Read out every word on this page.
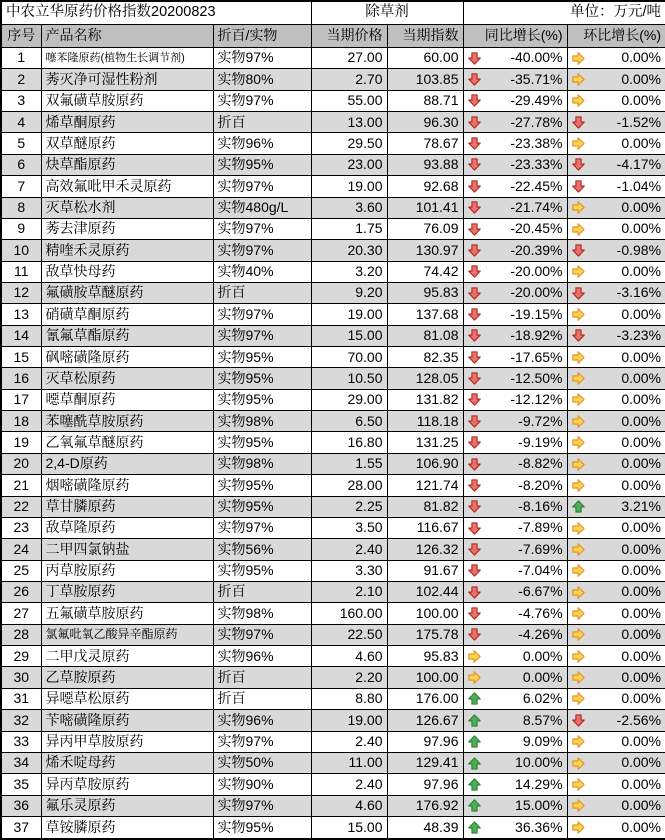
中农立华原药价格指数20200823			除草剂		单位：万元/吨	
序号	产品名称	折百/实物	当期价格	当期指数	同比增长(%)	环比增长(%)
1	噻苯隆原药(植物生长调节剂)	实物97%	27.00	60.00	-40.00%	0.00%

2	莠灭净可湿性粉剂	实物80%	2.70	103.85	-35.71%	0.00%

3	双氟磺草胺原药	实物97%	55.00	88.71	-29.49%	0.00%

4	烯草酮原药	折百	13.00	96.30	-27.78%	-1.52%

5	双草醚原药	实物96%	29.50	78.67	-23.38%	0.00%

6	炔草酯原药	实物95%	23.00	93.88	-23.33%	-4.17%

7	高效氟吡甲禾灵原药	实物97%	19.00	92.68	-22.45%	-1.04%

8	灭草松水剂	实物480g/L	3.60	101.41	-21.74%	0.00%

9	莠去津原药	实物97%	1.75	76.09	-20.45%	0.00%

10	精喹禾灵原药	实物97%	20.30	130.97	-20.39%	-0.98%

11	敌草快母药	实物40%	3.20	74.42	-20.00%	0.00%

12	氟磺胺草醚原药	折百	9.20	95.83	-20.00%	-3.16%

13	硝磺草酮原药	实物97%	19.00	137.68	-19.15%	0.00%

14	氰氟草酯原药	实物97%	15.00	81.08	-18.92%	-3.23%

15	砜嘧磺隆原药	实物95%	70.00	82.35	-17.65%	0.00%

16	灭草松原药	实物95%	10.50	128.05	-12.50%	0.00%

17	噁草酮原药	实物95%	29.00	131.82	-12.12%	0.00%

18	苯噻酰草胺原药	实物98%	6.50	118.18	-9.72%	0.00%

19	乙氧氟草醚原药	实物95%	16.80	131.25	-9.19%	0.00%

20	2,4-D原药	实物98%	1.55	106.90	-8.82%	0.00%

21	烟嘧磺隆原药	实物95%	28.00	121.74	-8.20%	0.00%

22	草甘膦原药	实物95%	2.25	81.82	-8.16%	3.21%

23	敌草隆原药	实物97%	3.50	116.67	-7.89%	0.00%

24	二甲四氯钠盐	实物56%	2.40	126.32	-7.69%	0.00%

25	丙草胺原药	实物95%	3.30	91.67	-7.04%	0.00%

26	丁草胺原药	折百	2.10	102.44	-6.67%	0.00%

27	五氟磺草胺原药	实物98%	160.00	100.00	-4.76%	0.00%

28	氯氟吡氧乙酸异辛酯原药	实物97%	22.50	175.78	-4.26%	0.00%

29	二甲戊灵原药	实物96%	4.60	95.83	0.00%	0.00%

30	乙草胺原药	折百	2.20	100.00	0.00%	0.00%

31	异噁草松原药	折百	8.80	176.00	6.02%	0.00%

32	苄嘧磺隆原药	实物96%	19.00	126.67	8.57%	-2.56%

33	异丙甲草胺原药	实物97%	2.40	97.96	9.09%	0.00%

34	烯禾啶母药	实物50%	11.00	129.41	10.00%	0.00%

35	异丙草胺原药	实物90%	2.40	97.96	14.29%	0.00%

36	氟乐灵原药	实物97%	4.60	176.92	15.00%	0.00%

37	草铵膦原药	实物95%	15.00	48.39	36.36%	0.00%
